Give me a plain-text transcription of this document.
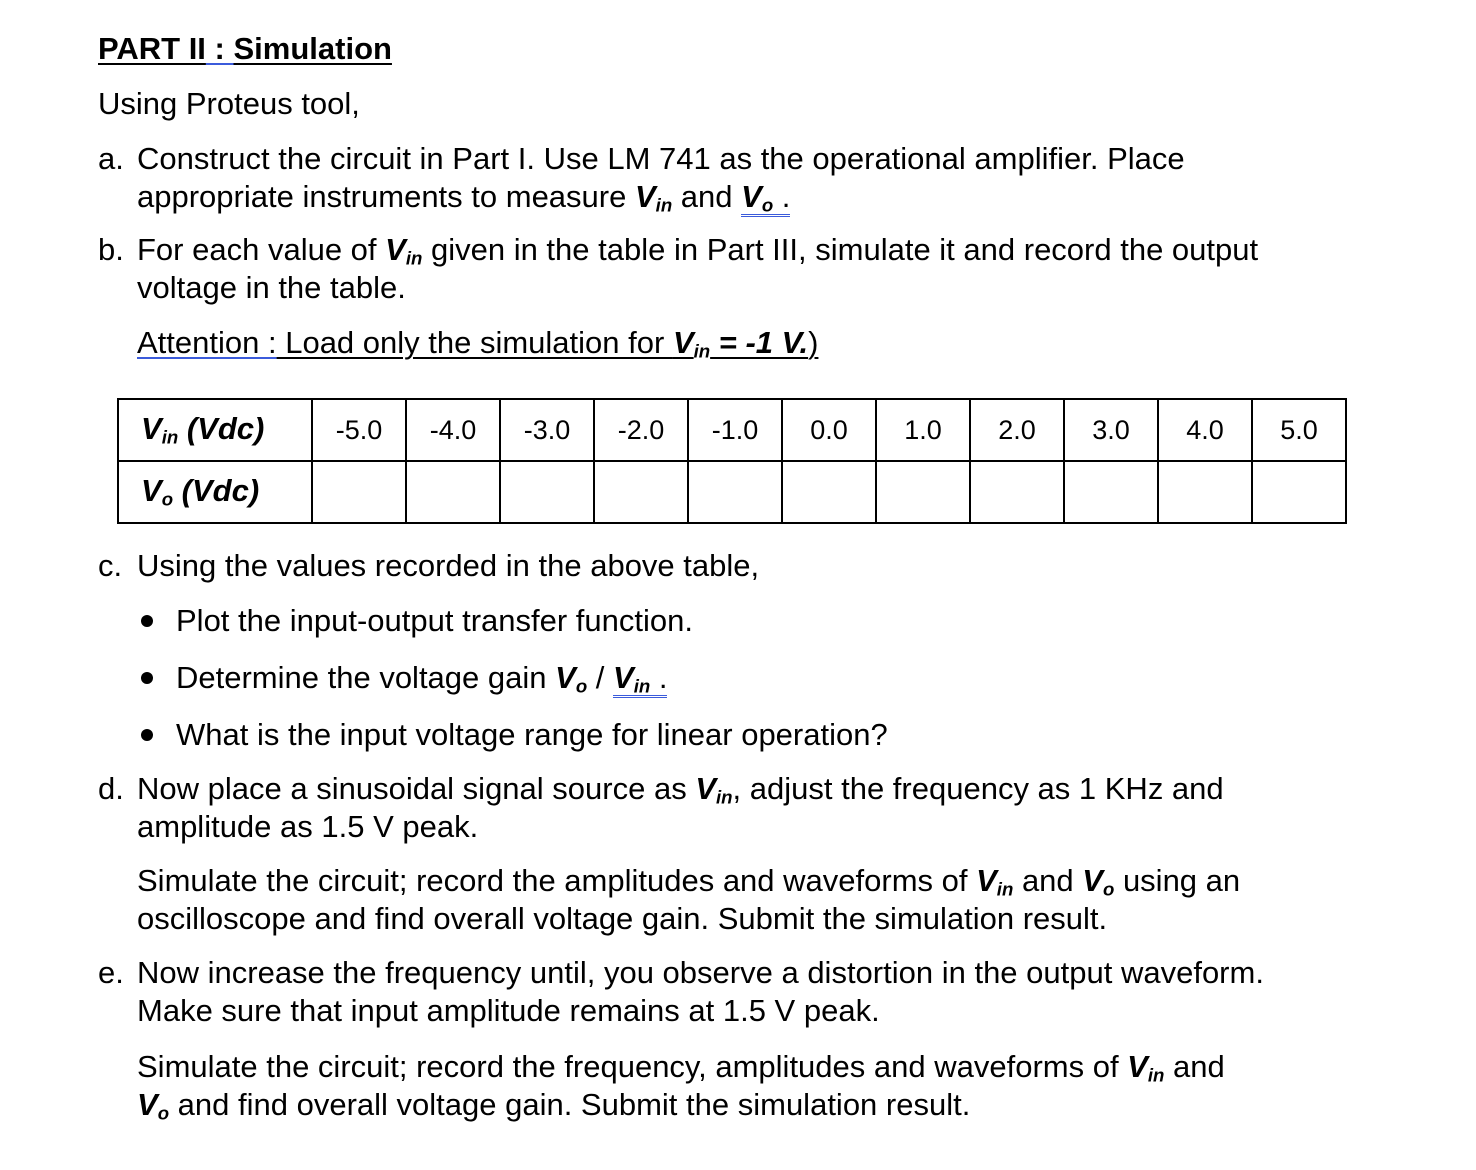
PART II : Simulation
Using Proteus tool,
a. Construct the circuit in Part I. Use LM 741 as the operational amplifier. Place
appropriate instruments to measure $V_{in}$ and $V_o$ .
b. For each value of $V_{in}$ given in the table in Part III, simulate it and record the output
voltage in the table.
Attention : Load only the simulation for $V_{in} = -1$ V.)
$V_{in}$ (Vdc)	-5.0	-4.0	-3.0	-2.0	-1.0	0.0	1.0	2.0	3.0	4.0	5.0
$V_o$ (Vdc)											
c. Using the values recorded in the above table,
Plot the input-output transfer function.
Determine the voltage gain $V_o / V_{in}$ .
What is the input voltage range for linear operation?
d. Now place a sinusoidal signal source as $V_{in}$, adjust the frequency as 1 KHz and
amplitude as 1.5 V peak.
Simulate the circuit; record the amplitudes and waveforms of $V_{in}$ and $V_o$ using an
oscilloscope and find overall voltage gain. Submit the simulation result.
e. Now increase the frequency until, you observe a distortion in the output waveform.
Make sure that input amplitude remains at 1.5 V peak.
Simulate the circuit; record the frequency, amplitudes and waveforms of $V_{in}$ and
$V_o$ and find overall voltage gain. Submit the simulation result.
